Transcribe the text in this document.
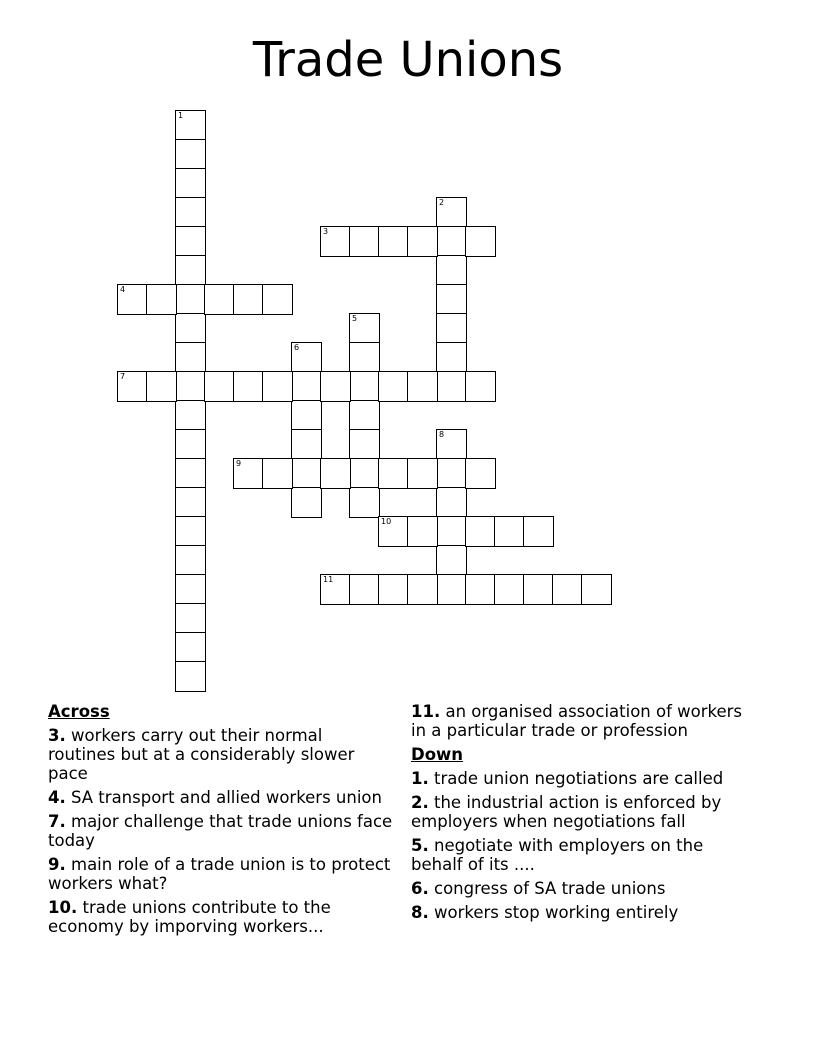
Trade Unions
1
2
3
4
5
6
7
8
9
10
11
Across
3. workers carry out their normal routines but at a considerably slower pace
4. SA transport and allied workers union
7. major challenge that trade unions face today
9. main role of a trade union is to protect workers what?
10. trade unions contribute to the economy by imporving workers...
11. an organised association of workers in a particular trade or profession
Down
1. trade union negotiations are called
2. the industrial action is enforced by employers when negotiations fall
5. negotiate with employers on the behalf of its ....
6. congress of SA trade unions
8. workers stop working entirely
